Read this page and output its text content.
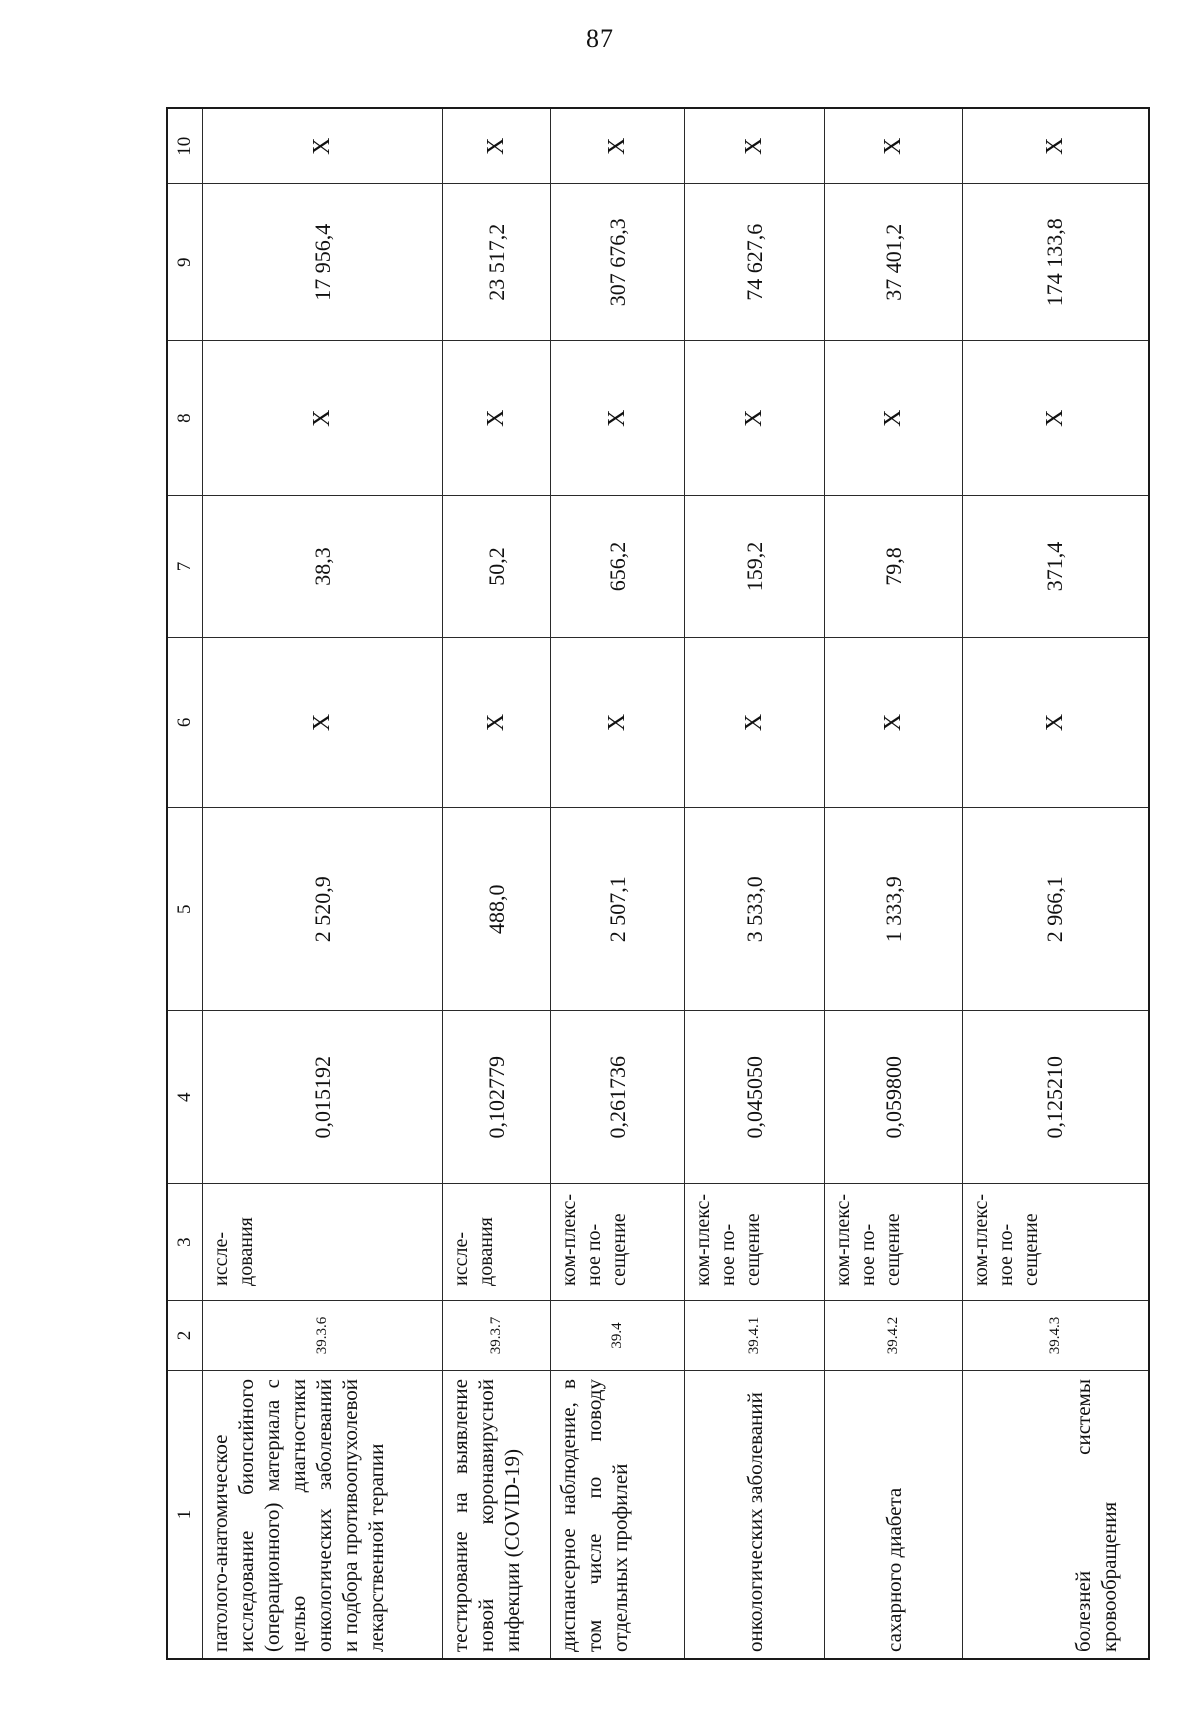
87
1	2	3	4	5	6	7	8	9	10
патолого-анатомическое исследование биопсийного (операционного) материала с целью диагностики онкологических заболеваний и подбора противоопухолевой лекарственной терапии	39.3.6	иссле-дования	0,015192	2 520,9	X	38,3	X	17 956,4	X
тестирование на выявление новой коронавирусной инфекции (COVID-19)	39.3.7	иссле-дования	0,102779	488,0	X	50,2	X	23 517,2	X
диспансерное наблюдение, в том числе по поводу отдельных профилей	39.4	ком-плекс-ное по-сещение	0,261736	2 507,1	X	656,2	X	307 676,3	X
онкологических заболеваний	39.4.1	ком-плекс-ное по-сещение	0,045050	3 533,0	X	159,2	X	74 627,6	X
сахарного диабета	39.4.2	ком-плекс-ное по-сещение	0,059800	1 333,9	X	79,8	X	37 401,2	X
болезней системы кровообращения	39.4.3	ком-плекс-ное по-сещение	0,125210	2 966,1	X	371,4	X	174 133,8	X
